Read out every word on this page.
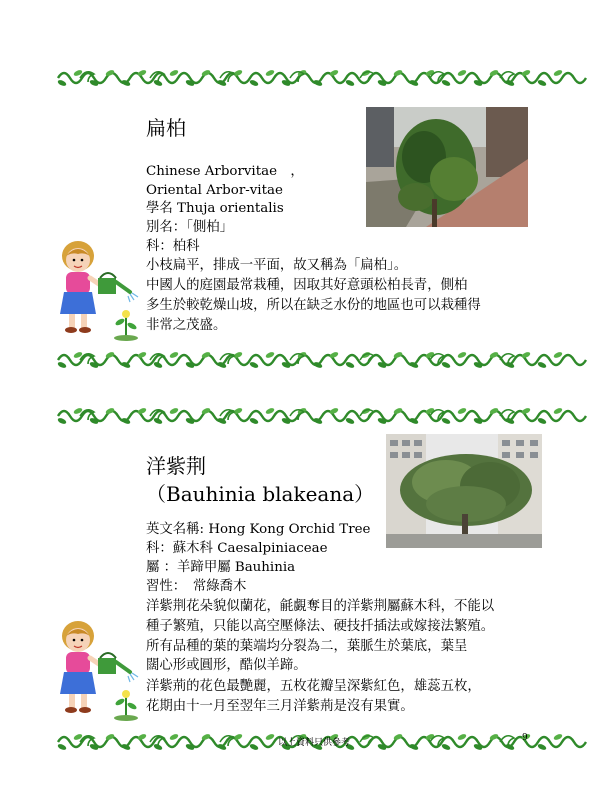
扁柏
Chinese Arborvitae　，
Oriental Arbor-vitae
學名 Thuja orientalis
別名：「側柏」
科：柏科
小枝扁平，排成一平面，故又稱為「扁柏」。
中國人的庭園最常栽種，因取其好意頭松柏長青，側柏
多生於較乾燥山坡，所以在缺乏水份的地區也可以栽種得
非常之茂盛。
洋紫荆
（Bauhinia blakeana）
英文名稱: Hong Kong Orchid Tree
科：蘇木科 Caesalpiniaceae
屬 ：羊蹄甲屬 Bauhinia
習性：　常綠喬木
洋紫荆花朵貌似蘭花，毹覷奪目的洋紫荆屬蘇木科，不能以
種子繁殖，只能以高空壓條法、硬技扦插法或嫁接法繁殖。
所有品種的葉的葉端均分裂為二，葉脈生於葉底，葉呈
闊心形或圓形，酷似羊蹄。
洋紫荊的花色最艷麗，五枚花瓣呈深紫紅色，雄蕊五枚，
花期由十一月至翌年三月洋紫荊是沒有果實。
以上資料只供參考	9
